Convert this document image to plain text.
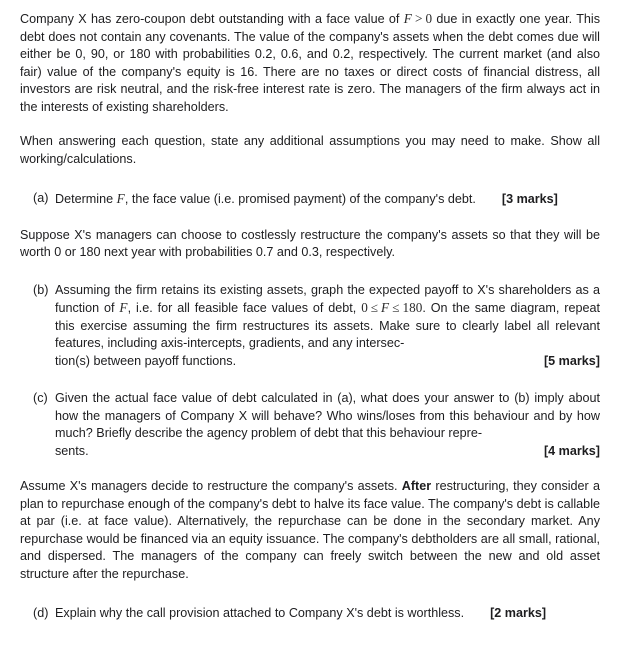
Company X has zero-coupon debt outstanding with a face value of F > 0 due in exactly one year. This debt does not contain any covenants. The value of the company's assets when the debt comes due will either be 0, 90, or 180 with probabilities 0.2, 0.6, and 0.2, respectively. The current market (and also fair) value of the company's equity is 16. There are no taxes or direct costs of financial distress, all investors are risk neutral, and the risk-free interest rate is zero. The managers of the firm always act in the interests of existing shareholders.

When answering each question, state any additional assumptions you may need to make. Show all working/calculations.

(a) Determine F, the face value (i.e. promised payment) of the company's debt. [3 marks]

Suppose X's managers can choose to costlessly restructure the company's assets so that they will be worth 0 or 180 next year with probabilities 0.7 and 0.3, respectively.

(b) Assuming the firm retains its existing assets, graph the expected payoff to X's shareholders as a function of F, i.e. for all feasible face values of debt, 0 ≤ F ≤ 180. On the same diagram, repeat this exercise assuming the firm restructures its assets. Make sure to clearly label all relevant features, including axis-intercepts, gradients, and any intersec-
tion(s) between payoff functions.	[5 marks]
(c) Given the actual face value of debt calculated in (a), what does your answer to (b) imply about how the managers of Company X will behave? Who wins/loses from this behaviour and by how much? Briefly describe the agency problem of debt that this behaviour repre-
sents.	[4 marks]

Assume X's managers decide to restructure the company's assets. After restructuring, they consider a plan to repurchase enough of the company's debt to halve its face value. The company's debt is callable at par (i.e. at face value). Alternatively, the repurchase can be done in the secondary market. Any repurchase would be financed via an equity issuance. The company's debtholders are all small, rational, and dispersed. The managers of the company can freely switch between the new and old asset structure after the repurchase.

(d) Explain why the call provision attached to Company X's debt is worthless. [2 marks]
